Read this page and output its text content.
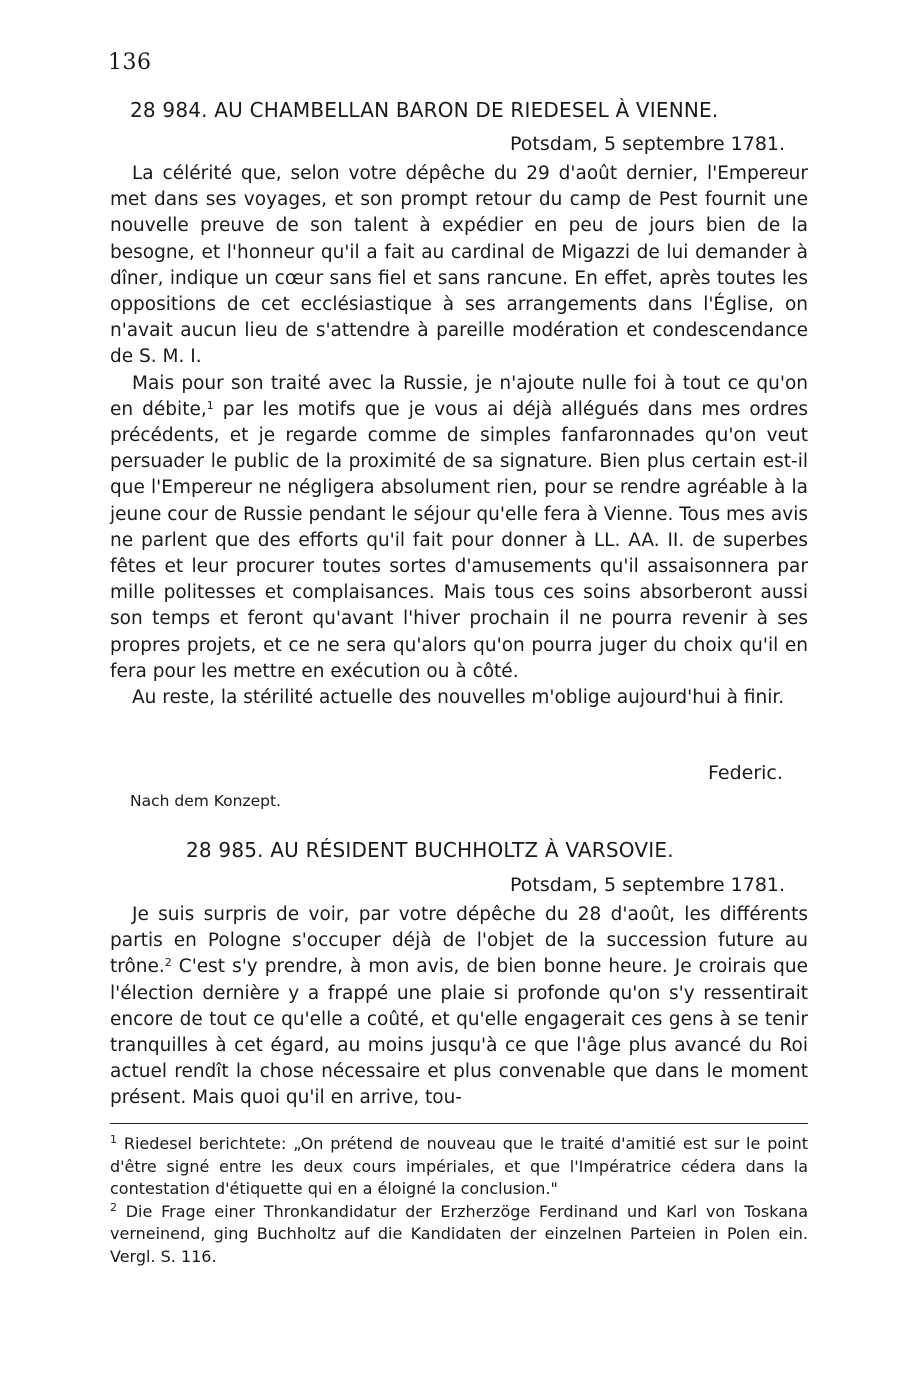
136
28 984. AU CHAMBELLAN BARON DE RIEDESEL À VIENNE.
Potsdam, 5 septembre 1781.

La célérité que, selon votre dépêche du 29 d'août dernier, l'Empereur met dans ses voyages, et son prompt retour du camp de Pest fournit une nouvelle preuve de son talent à expédier en peu de jours bien de la besogne, et l'honneur qu'il a fait au cardinal de Migazzi de lui demander à dîner, indique un cœur sans fiel et sans rancune. En effet, après toutes les oppositions de cet ecclésiastique à ses arrangements dans l'Église, on n'avait aucun lieu de s'attendre à pareille modération et condescendance de S. M. I.

Mais pour son traité avec la Russie, je n'ajoute nulle foi à tout ce qu'on en débite,$^1$ par les motifs que je vous ai déjà allégués dans mes ordres précédents, et je regarde comme de simples fanfaronnades qu'on veut persuader le public de la proximité de sa signature. Bien plus certain est-il que l'Empereur ne négligera absolument rien, pour se rendre agréable à la jeune cour de Russie pendant le séjour qu'elle fera à Vienne. Tous mes avis ne parlent que des efforts qu'il fait pour donner à LL. AA. II. de superbes fêtes et leur procurer toutes sortes d'amusements qu'il assaisonnera par mille politesses et complaisances. Mais tous ces soins absorberont aussi son temps et feront qu'avant l'hiver prochain il ne pourra revenir à ses propres projets, et ce ne sera qu'alors qu'on pourra juger du choix qu'il en fera pour les mettre en exécution ou à côté.

Au reste, la stérilité actuelle des nouvelles m'oblige aujourd'hui à finir.

Federic.
Nach dem Konzept.
28 985. AU RÉSIDENT BUCHHOLTZ À VARSOVIE.
Potsdam, 5 septembre 1781.

Je suis surpris de voir, par votre dépêche du 28 d'août, les différents partis en Pologne s'occuper déjà de l'objet de la succession future au trône.$^2$ C'est s'y prendre, à mon avis, de bien bonne heure. Je croirais que l'élection dernière y a frappé une plaie si profonde qu'on s'y ressentirait encore de tout ce qu'elle a coûté, et qu'elle engagerait ces gens à se tenir tranquilles à cet égard, au moins jusqu'à ce que l'âge plus avancé du Roi actuel rendît la chose nécessaire et plus convenable que dans le moment présent. Mais quoi qu'il en arrive, tou-

$^1$ Riedesel berichtete: „On prétend de nouveau que le traité d'amitié est sur le point d'être signé entre les deux cours impériales, et que l'Impératrice cédera dans la contestation d'étiquette qui en a éloigné la conclusion."

$^2$ Die Frage einer Thronkandidatur der Erzherzöge Ferdinand und Karl von Toskana verneinend, ging Buchholtz auf die Kandidaten der einzelnen Parteien in Polen ein. Vergl. S. 116.
